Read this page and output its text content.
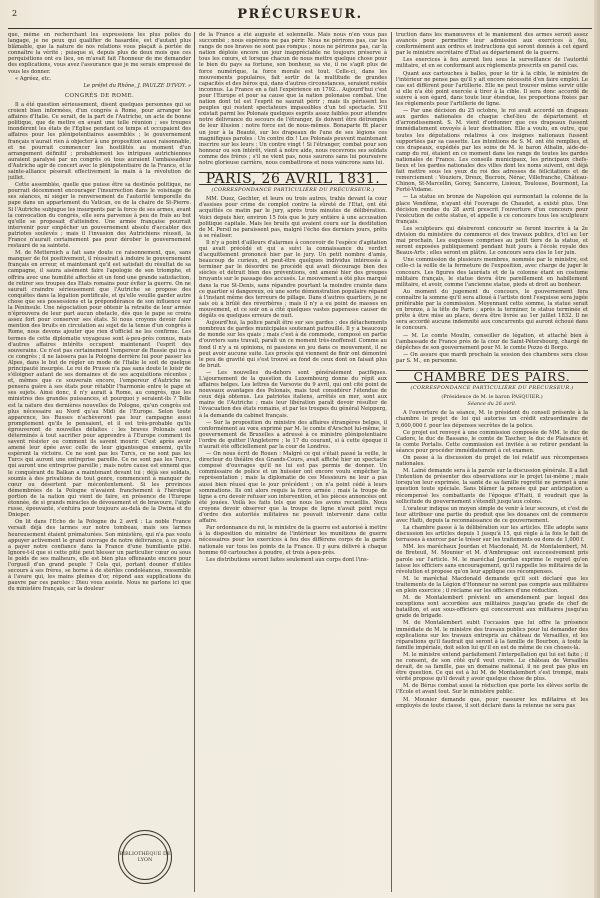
2	PRÉCURSEUR.

que, même en recherchant les expressions les plus polies du langage, je ne peux qui qualifier de hasardée, est d'autant plus blâmable, que la nature de nos relations vous plaçait à portée de connaître la vérité ; puisque si, depuis plus de deux mois que ces perquisitions ont eu lieu, on m'avait fait l'honneur de me demander des explications, vous avez l'assurance que je me serais empressé de vous les donner.

« Agréez, etc.

Le préfet du Rhône, J. PAULZE D'IVOY. »

CONGRÈS DE ROME.

Il a été question sérieusement, disent quelques personnes qui se croient bien informées, d'un congrès à Rome, pour arranger les affaires d'Italie. Ce serait, de la part de l'Autriche, un acte de bonne politique, que de mettre en avant une telle réunion ; ses troupes inondèrent les états de l'Eglise pendant ce temps et occupaient des affaires pour les plénipotentiaires assemblés ; le gouvernement français n'aurait rien à objecter à une proposition aussi raisonnable, et ne pourrait commencer les hostilités au moment d'un arrangement définitif ; probablement les intrigues autrichiennes auraient paralysé par un congrès où tous auraient l'ambassadeur d'Autriche agir de concert avec le plénipotentiaire de la France, et la sainte-alliance pèserait effectivement la main à la révolution de juillet.

Cette assemblée, quelle que puisse être sa destinée politique, ne pourrait décemment encourager l'insurrection dans le voisinage de ses séances, ni siéger le renversement de l'autorité temporelle du pape dans un appartement du Vatican, ou de la chaire de St-Pierre. Si l'Autriche subjugue les insurgents par la force de ses armes, avant la convocation du congrès, elle sera parvenue à peu de frais au but qu'elle se proposait d'atteindre. Une armée française pourrait intervenir pour empêcher un gouvernement absolu d'accabler des patriotes soulevés ; mais il l'invasion des Autrichiens réussit, la France n'aurait certainement pas pour dérober le gouvernement restauré de sa sainteté.

M. de Metternich a fait sans doute ce raisonnement, que, sans manquer de foi positivement, il réussirait à induire le gouvernement français en erreur, et maintenant qu'il est satisfait du résultat de sa campagne, il saura aisément faire l'apologie de son triomphe, et offrira avec une humilité affectée et un fond une grande satisfaction, de retirer ses troupes des Etats romains pour éviter la guerre. On ne saurait craindre sérieusement que l'Autriche se propose des conquêtes dans la légation pontificale, et qu'elle veuille garder autre chose que ses possessions et la prépondérance de son influence sur la Péninsule. Une négociation pour obtenir la retraite de leur armée n'éprouvera de leur part aucun obstacle, dès que le pape se croira assez fort pour conserver ses états. Si nous croyons devoir faire mention des bruits en circulation au sujet de la tenue d'un congrès à Rome, nous devons ajouter que rien d'officiel ne les confirme. Les termes de cette diplomatie voyageuse sont à-peu-près connus, mais d'autres affaires intérêts occupent maintenant l'esprit des souverains. Ce n'est pas certainement l'empereur de Russie qui ira à ce congrès ; il ne laissera pas la Pologne derrière lui pour passer les Alpes, dans le but de régler un mode de l'Italie le soit de quelque principauté insurgée. Le roi de Prusse n'a pas sans doute le loisir de s'éloigner autant de ses domaines et de ses acquisitions récentes ; et, mêmes que ce souverain encore, l'empereur d'Autriche ne pensera guère à ses états pour rétablir l'harmonie entre le pape et ses sujets. Ainsi donc, il n'y aurait à Rome, au congrès, que les ministres des grandes puissances, et pourquoi y seraient-ils ? Telle est la nature des dernières nouvelles de Pologne, qu'un congrès est plus nécessaire au Nord qu'au Midi de l'Europe. Selon toute apparence, les Russes n'achèveront pas leur campagne aussi promptement qu'ils le pensaient, et il est très-probable qu'ils éprouveront de nouvelles défaites : les braves Polonais sont déterminés à tout sacrifier pour apprendre à l'Europe comment ils savent résister ou comment ils savent mourir. C'est après avoir amené leur épée avec celle de leur gigantesque ennemi, qu'ils espèrent la victoire. Ce ne sont pas les Turcs, ce ne sont pas les Turcs qui auront une entreprise pareille. Ce ne sont pas les Turcs, qui auront une entreprise pareille ; mais notre cause est ennemi que le conquérant du Balkan a maintenant devant lui ; déjà ses soldats, soumis à des privations de tout genre, commencent à manquer de cœur ou désertent par mécontentement. Si les provinces démembrées de la Pologne n'avaient franchement à l'héroïque portion de la nation qui vient de faire, en présence de l'Europe étonnée, de si grands miracles de dévouement et de bravoure, l'aigle russe, épouvanté, s'enfuira pour toujours au-delà de la Dwina et du Dnieper.

On lit dans l'Echo de la Pologne du 2 avril : La noble France versait déjà des larmes sur notre tombeau, mais ses larmes heureusement étaient prématurées. Son ministère, qui n'a pas voulu appuyer activement le grand ouvrage de notre délivrance, à ce pays a payer notre confiance dans la France d'une humiliante pitié. Ignore-t-il que si cette pitié peut blesser un particulier cœur ou sous le poids de ses malheurs, elle est bien plus offensante encore pour l'orgueil d'un grand peuple ? Cela qui, portant douner d'utiles secours à ses frères, se borne à de stériles condoléances, ressemble à l'avare qui, les mains pleines d'or, répond aux supplications du pauvre par ces paroles : Dieu vous assiste. Nous ne parlons ici que du ministère français, car la douleur

de la France a été auguste et solennelle. Mais nous n'en vous pas succombé ; nous espérons ne pas périr. Nous ne périrons pas, car les rangs de nos braves ne sont pas rompus ; nous ne périrons pas, car la nation déploie encore un jour inappréciable ne toujours préserve à tous les cœurs, et lorsque chacun de nous mettre quelque chose pour le bien du pays sa fortune, son bonheur, sa vie, il ne s'agit plus de force numérique, la force morale est tout. Celle-ci, dans les mouvements populaires, fait sortir de la multitude de grandes capacités et des héros qui, dans d'autres circonstances, seraient restés inconnus. La France en a fait l'expérience en 1792... Aujourd'hui c'est pour l'Europe et pour sa cause que la nation polonaise combat. Une nation dont tel est l'esprit ne saurait périr ; mais ils périssent les peuples qui restent spectateurs impassibles d'un tel spectacle. S'il existait parmi les Polonais quelques esprits assez faibles pour attendre notre délivrance du secours de l'étranger, ils doivent être détrompés de leur illusion : notre force est de nous-mêmes. Bonaparte fit placer un jour à la Beauté, sur les drapeaux de l'une de ses légions ces magnifiques paroles : Un contre dix ! Les Polonais peuvent maintenant inscrire sur les leurs : Un contre vingt ! Si l'étranger, combat pour son honneur ou son intérêt, vient à notre aide, nous recevrons ses soldats comme des frères ; s'il ne vient pas, nous saurons sans lui poursuivre notre glorieuse carrière, nous combattrons et nous vaincrons sans lui.

PARIS, 26 AVRIL 1831.
(CORRESPONDANCE PARTICULIÈRE DU PRÉCURSEUR.)

MM. Duez, Gechter, et leurs ou trois autres, trahis devant la cour d'assises pour crime de complot contre la sûreté de l'Etat, ont été acquittés ce matin par le jury, après trois minutes de délibération. Voici depuis hier, environ 15 fois que le jury entière à une accusation politique capitale. Mais les bruits qui avaient couru sur la destitution de M. Persil ne paraissent pas, malgré l'écho des derniers jours, prêts à se réaliser.

Il n'y a point d'ailleurs d'alarmes à concevoir de l'espèce d'agitation qui avait précédé et qui a suivi la connaissance du verdict d'acquittement prononcé hier par le jury. Un petit nombre d'amis, beaucoup de curieux, et peut-être quelques individus intéressés à terminer par le désordre ne procédé qui avait décourage bien des siècles et détruit bien des préventions, ont amené hier des groupes bruyants sur le passage des accusés. Le mouvement a été plus marqué dans la rue St-Denis, sans répandre pourtant la moindre crainte dans ce quartier si dangereux, où une sorte démonstration populaire répand à l'instant même des terreurs de pillage. Dans d'autres quartiers, je ne sais où a brûlé des réverbères ; mais il n'y a eu point de masses en mouvement, et ce soir on a cité quelques vastes paperasse causer de dégâts ou quelques erreurs de nuit.

Aujourd'hui, la police paraît être sur ses gardes ; des détachements nombreux de gardes municipales soutenant patrouillé. Il y a beaucoup de monde sur les quais ; mais c'est à de commode, composé en partie d'ouvriers sans travail, paraît un ce moment très-inoffensif. Comme au fond il n'y a ni opinions, ni passions en jeu dans ce mouvement, il ne peut avoir aucune suite. Les procès qui viennent de finir ont démontré le peu de gravité qui s'est trouvé au fond de ceux dont on faisait plus de bruit.

— Les nouvelles du-dehors sont généralement pacifiques. L'ajournement de la question du Luxembourg donne du répit aux affaires belges. Les lettres de Varsovie du 9 avril, qui ont cité point de nouveaux avantages des Polonais, mais tout considérer l'étendue de ceux déjà obtenus. Les patriotes italiens, arrêtés en mer, sont aux mains de l'Autriche ; mais leur libération paraît devoir résulter de l'évacuation des états romains, et par les troupes du général Neipperg, à la demande du cabinet français.

— Sur la proposition du ministre des affaires étrangères belges, il conformément au vœu exprimé par M. le comte d'Arschot lui-même, le gouvernement de Bruxelles a adressé à ce ministre plénipotentiaire l'ordre de quitter l'Angleterre ; le 17 du courant, si à cette époque il n'aurait été officiellement par la cour de Londres.

— On nous écrit de Rouen : Malgré ce qui s'était passé la veille, le directeur du théâtre des Grands-Cours, avait affiché hier un spectacle composé d'ouvrages qu'il ne lui est pas permis de donner. Un commissaire de police et un huissier ont encore voulu empêcher la représentation ; mais la diplomatie de ces Messieurs ne leur a pas aussi bien réussi que le jour précédent ; on n'a point cédé à leurs sommations. Ils ont alors requis la force armée ; mais la troupe de ligne a cru devoir refuser son intervention, et les pièces annoncées ont été jouées. Voilà les faits tels que nous les avons recueillis. Nous croyons devoir observer que la troupe de ligne n'avait point reçu d'ordre des autorités militaires ne pouvait intervenir dans cette affaire.

Par ordonnance du roi, le ministre de la guerre est autorisé à mettre à la disposition du ministre de l'intérieur les munitions de guerre nécessaires pour les exercices à feu des différens corps de la garde nationale sur tous les points de la France. Il y aura délivré à chaque homme 60 cartouches à poudre, et trois à-peu-près.

Les distributions seront faites seulement aux corps dont l'ins-

truction dans les manœuvres et le maniement des armes seront assez avancés pour permettre leur admission aux exercices à feu, conformément aux ordres et instructions qui seront donnés à cet égard par le ministre secrétaire d'Etat au département de la guerre.

Les exercices à feu auront lieu sous la surveillance de l'autorité militaire, et en se conformant aux règlements prescrits en pareil cas.

Quant aux cartouches à balles, pour le tir à la cible, le ministre de l'intérieur ne pense pas qu'il y ait encore nécessité d'en faire emploi. Le cas est différent pour l'artillerie. Elle ne peut trouver même servir utile si elle n'a été point exercée à tirer à la cible. Il sera donc accordé de suivre à son égard, dans toute leur étendue, les proportions fixées par les règlements pour l'artillerie de ligne.

— Par une décision du 25 octobre, le roi avait accordé un drapeau aux gardes nationales de chaque chef-lieu de département et d'arrondissement. S. M. vient d'ordonner que ces drapeaux fussent immédiatement envoyés à leur destination. Elle a voulu, en outre, que toutes les députations relatives à ces insignes nationaux fussent supportées par sa cassette. Les intentions de S. M. ont été remplies, et ces drapeaux, expédiés par les soins de M. le baron Athalin, aide-de-camp du roi, étaient en ce moment dans les rangs de toutes les gardes nationales de France. Les conseils municipaux, les principaux chefs-lieux et les gardes nationales des villes dont les noms suivent, ont déjà fait mettre sous les yeux du roi des adresses de félicitations et de remerciement : Vouziers, Dreux, Bucroix, Nérac, Villefranche, Château-Chinon, St-Marcellin, Gorey, Sancerre, Lisieux, Toulouse, Bourmont, La Ferté-Vidame.

— La statue en bronze de Napoléon qui surmontait la colonne de la place Vendôme, n'ayant été l'ouvrage de Chaudet, a existé plus. Une décision rendue du 28 avril prescrit l'ouverture d'un concours pour l'exécution de cette statue, et appelle à ce concours tous les sculpteurs français.

Les sculpteurs qui désireront concourir se feront inscrire à la 2e division du ministère du commerce et des travaux publics, d'ici au 1er mai prochain. Les esquisses comprises au petit tiers de la statue, et seront exposées publiquement pendant huit jours à l'école royale des Beaux-Arts ; elles seront en plâtre. Le concours sera clos le 1er juin.

Une commission de plusieurs membres, nommée par le ministre, est celle-ci la veille de la fermeture de l'exposition, avec charge de juger le concours. Les figures des lauréats et de la colonne étant en costume militaire français, le statue devra être pareillement en habillement militaire, et avoir, comme l'ancienne statue, pieds et droit au bonheur.

Au moment du jugement du concours, le gouvernement fera connaître la somme qu'il sera alloué à l'artiste dont l'esquisse sera jugée préférable par la commission. Moyennant cette somme, la statue serait en bronze, à la tête de Paris ; après la terminer, le statue terminée et prête à être mise au place, devra être livrée au 1er juillet 1832. Il ne sera accordé aucune indemnité aux concurrents qui auront échoué dans le concours.

— M. Le comte Moulin, conseiller de légation, et attaché bien à l'ambassade de France près de la cour de Saint-Pétersbourg, chargé de dépêches de son gouvernement pour M. le comte Pozzo di Borgo.

— On assure que mardi prochain la session des chambres sera close par S. M., en personne.

CHAMBRE DES PAIRS.
(CORRESPONDANCE PARTICULIÈRE DU PRÉCURSEUR.)
(Présidence de M. le baron PASQUIER.)
Séance du 26 avril.

A l'ouverture de la séance, M. le président du conseil présente à la chambre le projet de loi qui autorise un crédit extraordinaire de 5,600,000 f. pour les dépenses secrètes de la police.

Ce projet est renvoyé à une commission composée de MM. le duc de Cadore, le duc de Bassano, le comte de Tascher, le duc de Plaisance et le comte Portalis. Cette commission est invitée à se retirer pendant la séance pour procéder immédiatement à cet examen.

On passe à la discussion du projet de loi relatif aux récompenses nationales.

M. Lainé demande sera à la parole sur la discussion générale. Il a fait l'intention de présenter des observations sur le projet lui-même ; mais lorsqu'on leur exprimée, la santé de sa famille regretté ne permet à une question toute spéciale. Sans blâmer la pensée qui par anticipation a récompensé les combattants de l'époque d'Haiti, il voudrait que la sollicitude du gouvernement s'étendît jusqu'aux colons.

L'orateur indique un moyen simple de venir à leur secours, et c'est de leur attribuer une partie du produit que les douanes ont de commerce avec Haïti, depuis la reconnaissance de ce gouvernement.

La chambre passe à la délibération sur les articles. Elle adopte sans discussion les articles depuis 1 jusqu'à 15, qui règle à la fois le fait de terrasses à exercer par le trésor sur les traitements ou dons de 1,000 f.

MM. les maréchaux Jourdan et Macdonald, M. de Montalembert, M. de Breteuil, M. Mounier et M. d'Ambrugeac ont successivement pris parole sur l'article. M. le maréchal Jourdan exprime le regret qu'on laisse les officiers sans encouragement, qu'il rappelle les militaires de la révolution et propose qu'on leur applique ces récompenses.

M. le maréchal Macdonald demande qu'il soit déclaré que les traitements de la Légion d'Honneur ne seront pas compris aux militaires en plein exercice ; il réclame sur les officiers d'une réduction.

M. de Montalembert prévient un amendement par lequel des exceptions sont accordées aux militaires jusqu'au grade de chef de bataillon, et aux sous-officiers qui concourront aux militaires jusqu'au grade de brigade.

M. de Montalembert subit l'occasion que lui offre la présence immédiate de M. le ministre des travaux publics pour lui demander des explications sur les travaux entrepris au château de Versailles, et les réparations qu'il faudrait qui seront à la famille de Bourbon, à toute la famille impériale, doit selon lui qu'il en est de même de ces choses-là.

M. le ministre entend parfaitement l'interpellation qui lui est faite ; il ne consent, de son côté qu'il veut croire. Le château de Versailles devait, de sa famille, pas un domaine national, il ne peut pas plus en être question. Ce qui est à lui M. de Montalembert s'est trompé, mais vérité propose qu'il devait y avoir quelque chose de plus.

M. de Bérus combat aussi la réduction que porte les élèves sortis de l'École et avant tout. Sur le ministère public.

M. Mounier demande que, pour rassurer les militaires et les employés de toute classe, il soit déclaré dans la retenue ne sera pas

BIBLIOTHÈQUE DE LYON
